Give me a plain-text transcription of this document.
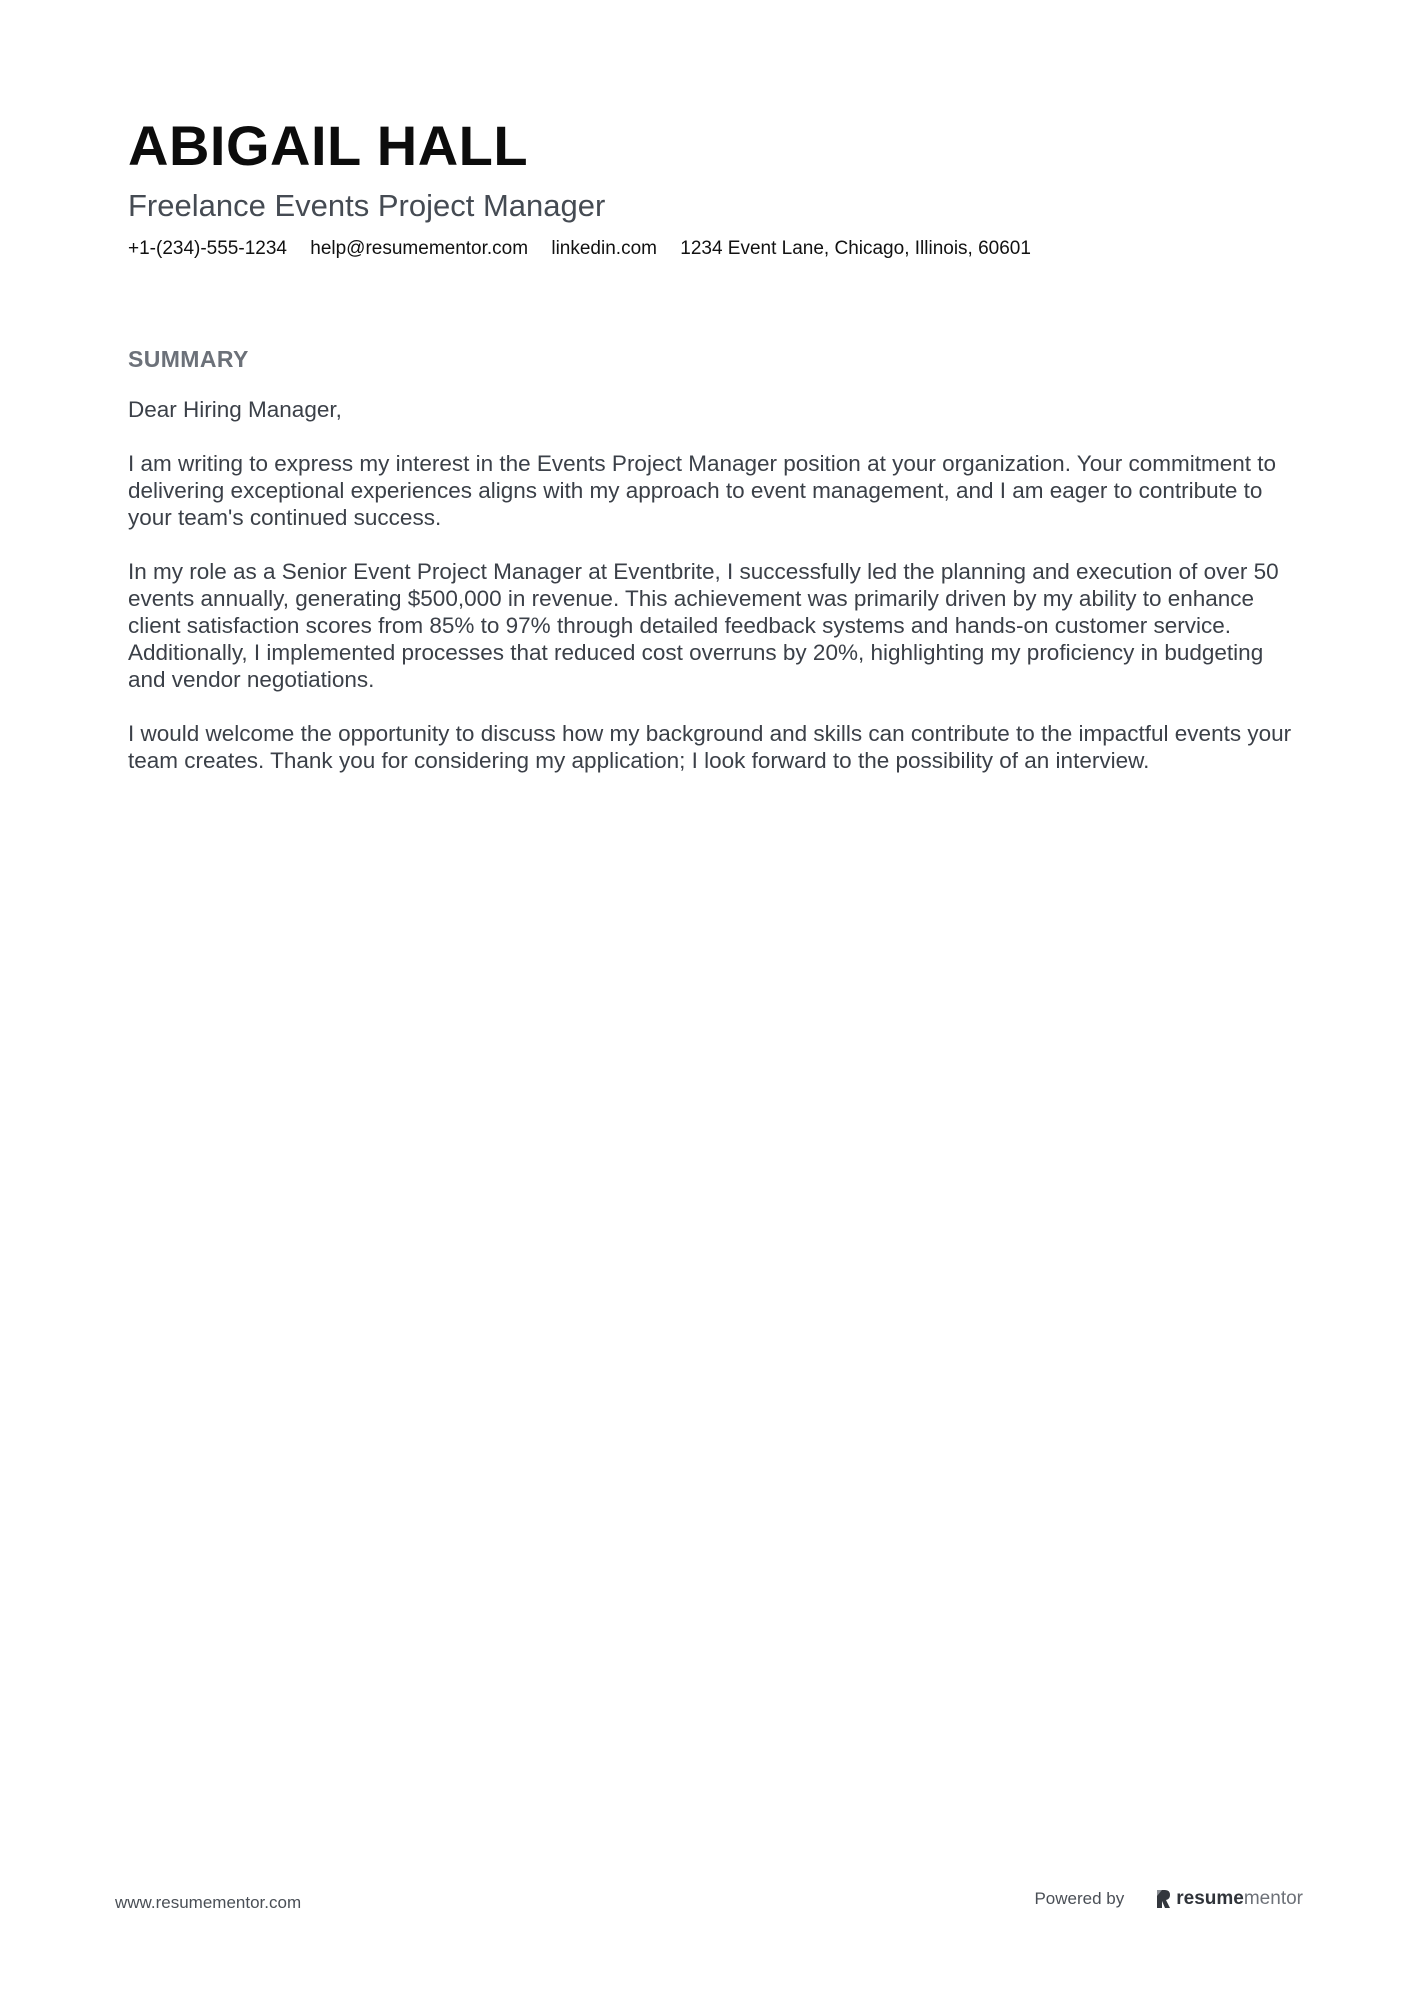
ABIGAIL HALL
Freelance Events Project Manager
+1-(234)-555-1234 help@resumementor.com linkedin.com 1234 Event Lane, Chicago, Illinois, 60601
SUMMARY

Dear Hiring Manager,

I am writing to express my interest in the Events Project Manager position at your organization. Your commitment to delivering exceptional experiences aligns with my approach to event management, and I am eager to contribute to your team's continued success.

In my role as a Senior Event Project Manager at Eventbrite, I successfully led the planning and execution of over 50 events annually, generating $500,000 in revenue. This achievement was primarily driven by my ability to enhance client satisfaction scores from 85% to 97% through detailed feedback systems and hands-on customer service. Additionally, I implemented processes that reduced cost overruns by 20%, highlighting my proficiency in budgeting and vendor negotiations.

I would welcome the opportunity to discuss how my background and skills can contribute to the impactful events your team creates. Thank you for considering my application; I look forward to the possibility of an interview.

www.resumementor.com	Powered by	resume mentor
